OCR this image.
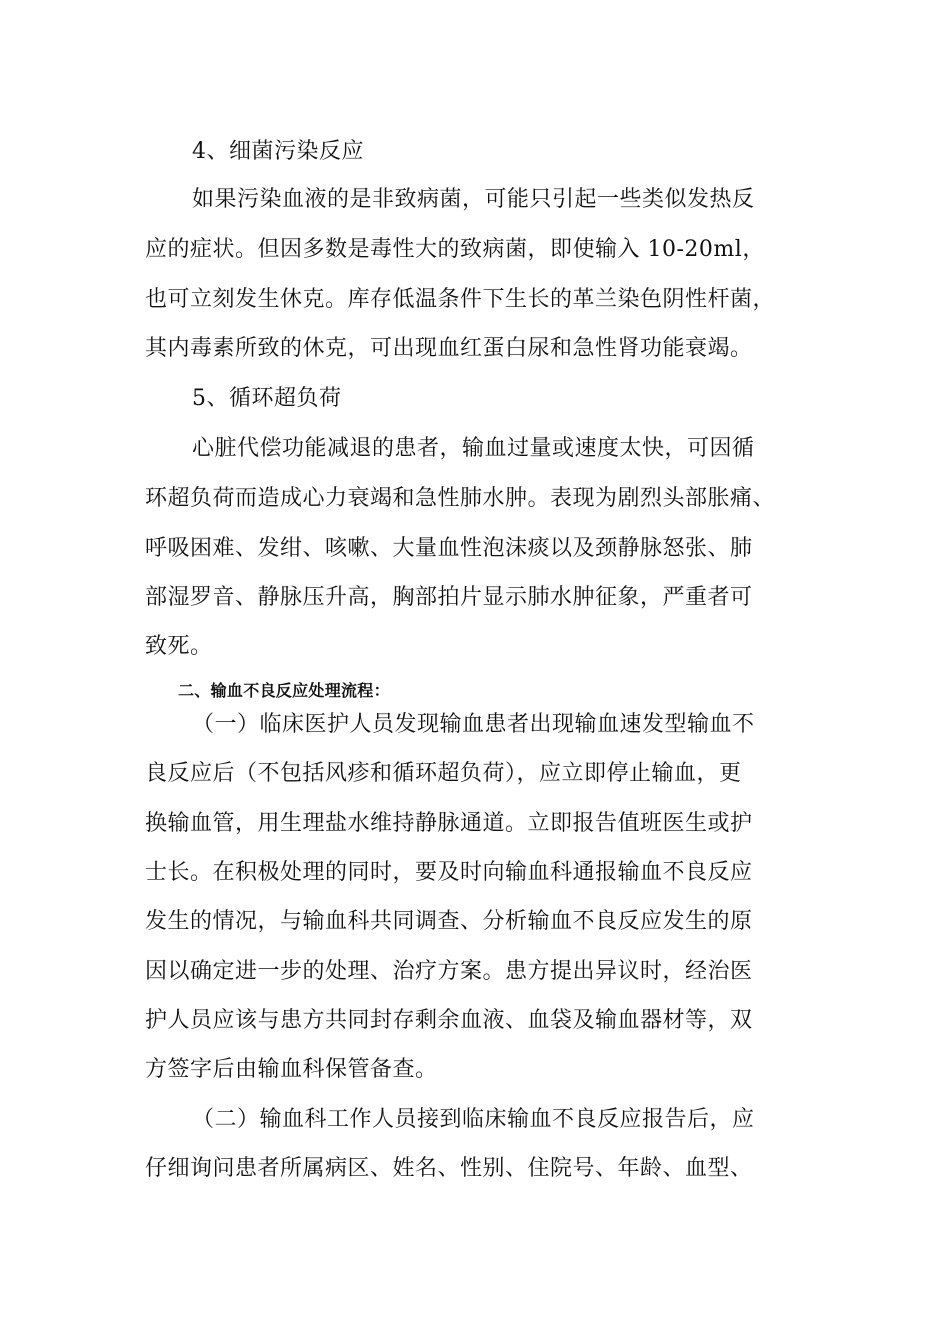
4、细菌污染反应
如果污染血液的是非致病菌，可能只引起一些类似发热反
应的症状。但因多数是毒性大的致病菌，即使输入 10-20ml，
也可立刻发生休克。库存低温条件下生长的革兰染色阴性杆菌，
其内毒素所致的休克，可出现血红蛋白尿和急性肾功能衰竭。
5、循环超负荷
心脏代偿功能减退的患者，输血过量或速度太快，可因循
环超负荷而造成心力衰竭和急性肺水肿。表现为剧烈头部胀痛、
呼吸困难、发绀、咳嗽、大量血性泡沫痰以及颈静脉怒张、肺
部湿罗音、静脉压升高，胸部拍片显示肺水肿征象，严重者可
致死。
二、输血不良反应处理流程：
（一）临床医护人员发现输血患者出现输血速发型输血不
良反应后（不包括风疹和循环超负荷），应立即停止输血，更
换输血管，用生理盐水维持静脉通道。立即报告值班医生或护
士长。在积极处理的同时，要及时向输血科通报输血不良反应
发生的情况，与输血科共同调查、分析输血不良反应发生的原
因以确定进一步的处理、治疗方案。患方提出异议时，经治医
护人员应该与患方共同封存剩余血液、血袋及输血器材等，双
方签字后由输血科保管备查。
（二）输血科工作人员接到临床输血不良反应报告后，应
仔细询问患者所属病区、姓名、性别、住院号、年龄、血型、
